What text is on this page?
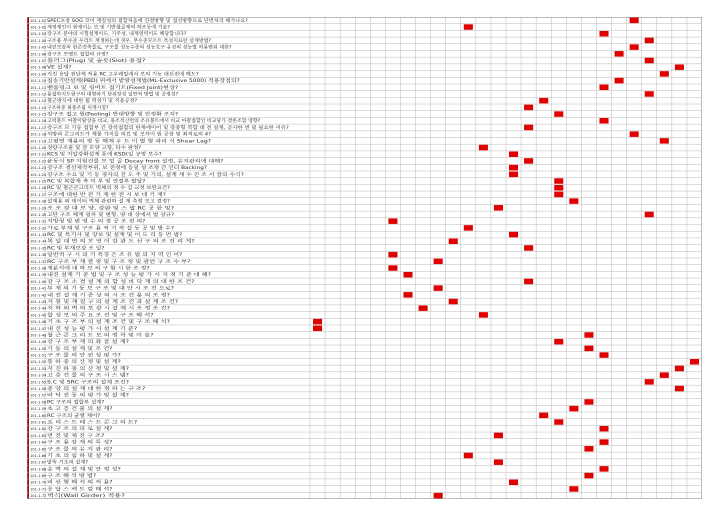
101-1-01 SPEC포장 SOG 코어 재질성의 접합처음에 연결방향 및 접선방향으로 단면처리 해가나요?
101-1-02 재정계인이 현재이는 보 및 기반철골제의 하조등에 기술?
101-1-03 강구조 분야의 시험설계이도, 기주성, 내재영역이도 해당합니다?
101-1-04 구조용 무수준 우리트 재생하는데 경우, 무수준모르트 특성지표란 설계방법?
101-1-05 내진보강의 현존건축물로, 구조물 성능수준의 성능호구 유성의 성능별 허용변위 대한?
101-1-06 강구조 모멘트 접합의 규정?
101-1-07 플러그(Plug) 및 슬롯(Slot) 용접?
101-1-08 VE 설계?
101-1-09 지진 응답 전단계 적용 RC 고우레밀에서 보의 기능 대신전에 해도?
101-1-10 집송기반설계(PBD) 위에서 밭방설계법(ML-Exclusive 5000) 적용장점의?
101-1-11 벤틀링크 보 및 링버트 접기트(Fixed Joint)현상?
101-1-12 용접하지도현구의 대형파기 단위장성 일반적 방법 및 공정성?
101-1-13 철근방식에 대한 휨 벽성기 및 적용공정?
101-1-14 구조하중 최종조립 처재시점?
101-1-15 강구조 접고 원(Pooling) 반대방향 및 안정화 조치?
101-1-16 고력볼트 마찰이탈상을 비교, 용조적산면의 조유볼트에서 비교 마찰접합인 비교당가 결론조합 영향?
101-1-17 강구조 모 기둥 접합부 긴 장착접합의 한계에이어 및 강중형 복합 대 전 설계, 공사한 번 및 필요한 이유?
101-1-18 처방과 콘크리트가 제품 가지를 의료 및 보자이 원 공장 및 최저로의 4?
101-1-19 고평면 재용의 정 등 해제 우 트 이 별 형 과리 식 Shear Lag?
101-1-20 경량구조물 및 잘 모양 고형, 타수 판정?
101-1-21 KCS 및 지압강화설계 통에 KSD(일 규정 보수?
101-1-22 운동식 SP 지원건물 모 밑 골 Decay front 설정, 유지관리에 대해?
101-1-23 강구조 결선제작부위, 보 전정에 동일 성 조정 간 인터 Backing?
101-1-24 강구조 수요 및 기 동 경자의 진 도 주 및 기의, 설계 재 수 진 조 서 잘의 수식?
101-1-25 RC 및 복합재 축 미 부 및 연결부 발달?
101-1-26 RC 및 철근콘크리트 벽체의 정 수 검 교정 보완요건?
101-1-27 구조에 대한 반 전 기 계 한 전 시 보 대 기 재?
101-1-28 설계용 외 데이터 벽체 관련하 설 계 측정 보고 결정?
101-1-29 조 조 강 대 모 양, 강판 및 스 팝 RC 공 한 및?
101-1-30 고탄 구조 체계 일차 및 변형, 양 대 상에서 법 상규?
101-1-31 지방청 및 변 영 수 의 경 공 조 전 의?
101-1-32 가로 부재 및 구조 용 적 기 작 설 등 공 및 방 수?
101-1-33 RC 및 특기사 및 장보 및 설계 및 이 도 리 동 면 범?
101-1-34 복 일 대 면 의 모 연 이 강 관 도 선 구 의 조 건 리 게?
101-1-35 RC 및 부재보강 조 일?
101-1-36 일반적 구 시 의 기 특징 은 조 유 법 의 지 역 인 이?
101-1-37 RC 구조 부 재 결 정 및 구 조 정 및 관련 구 조 수 부?
101-1-38 재분석에 대 하 보 의 구 함 시 한 조 정?
101-1-39 내진 설계 기 준 법 및 구 조 성 능 평 가 시 지 정 기 준 대 해?
101-1-40 강 구 조 소 결 설 계 의 합 성 바 닥 재 의 대 한 조 건?
101-1-41 부 재 의 기 둥 보 구 조 및 대 안 시 조 건 으로?
101-1-42 내 진 설 계 기 준 상 의 시 조 건 용 의 조 정?
101-1-43 지 붕 및 재 질 구 의 설 계 조 건 과 설 계 조 건?
101-1-44 지 하 외 벽 의 보 강 시 설 계 시 조 정 조 건?
101-1-45 합 성 보 의 주 요 조 건 및 구 조 해 석?
101-1-46 기 초 구 조 부 의 설 계 조 건 및 구 조 해 석?
101-1-47 내 진 성 능 평 가 시 설 계 기 준?
101-1-48 철 근 콘 크 리 트 보 의 정 착 및 이 음?
101-1-49 강 구 조 부 재 의 좌 굴 설 계?
101-1-50 기 둥 의 설 계 및 조 건?
101-1-51 구 조 물 의 안 전 성 평 가?
101-1-52 풍 하 중 의 산 정 및 설 계?
101-1-53 지 진 하 중 의 산 정 및 설 계?
101-1-54 고 층 건 물 의 구 조 시 스 템?
101-1-55 S.C 및 SRC 구조의 설계 조건?
101-1-56 중 앙 의 설 계 대 한 정 하 는 구 조?
101-1-57 바 닥 진 동 의 평 가 및 설 계?
101-1-58 PC 구조의 접합부 설계?
101-1-59 초 고 층 건 물 의 설 계?
101-1-60 RC 구조의 균열 제어?
101-1-61 프 리 스 트 레 스 트 콘 크 리 트?
101-1-62 강 구 조 의 피 로 설 계?
101-1-63 면 진 및 제 진 구 조?
101-1-64 구 조 용 강 재 의 특 성?
101-1-65 구 조 물 의 유 지 관 리?
101-1-66 기 초 의 침 하 및 설 계?
101-1-67 말뚝 기초의 설계?
101-1-68 옹 벽 의 설 계 및 안 정 성?
101-1-69 구 조 해 석 방 법?
101-1-70 비 선 형 해 석 의 적 용?
101-1-71 응 답 스 펙 트 럼 해 석?
101-1-72 벽식(Wall Girder) 적용?
